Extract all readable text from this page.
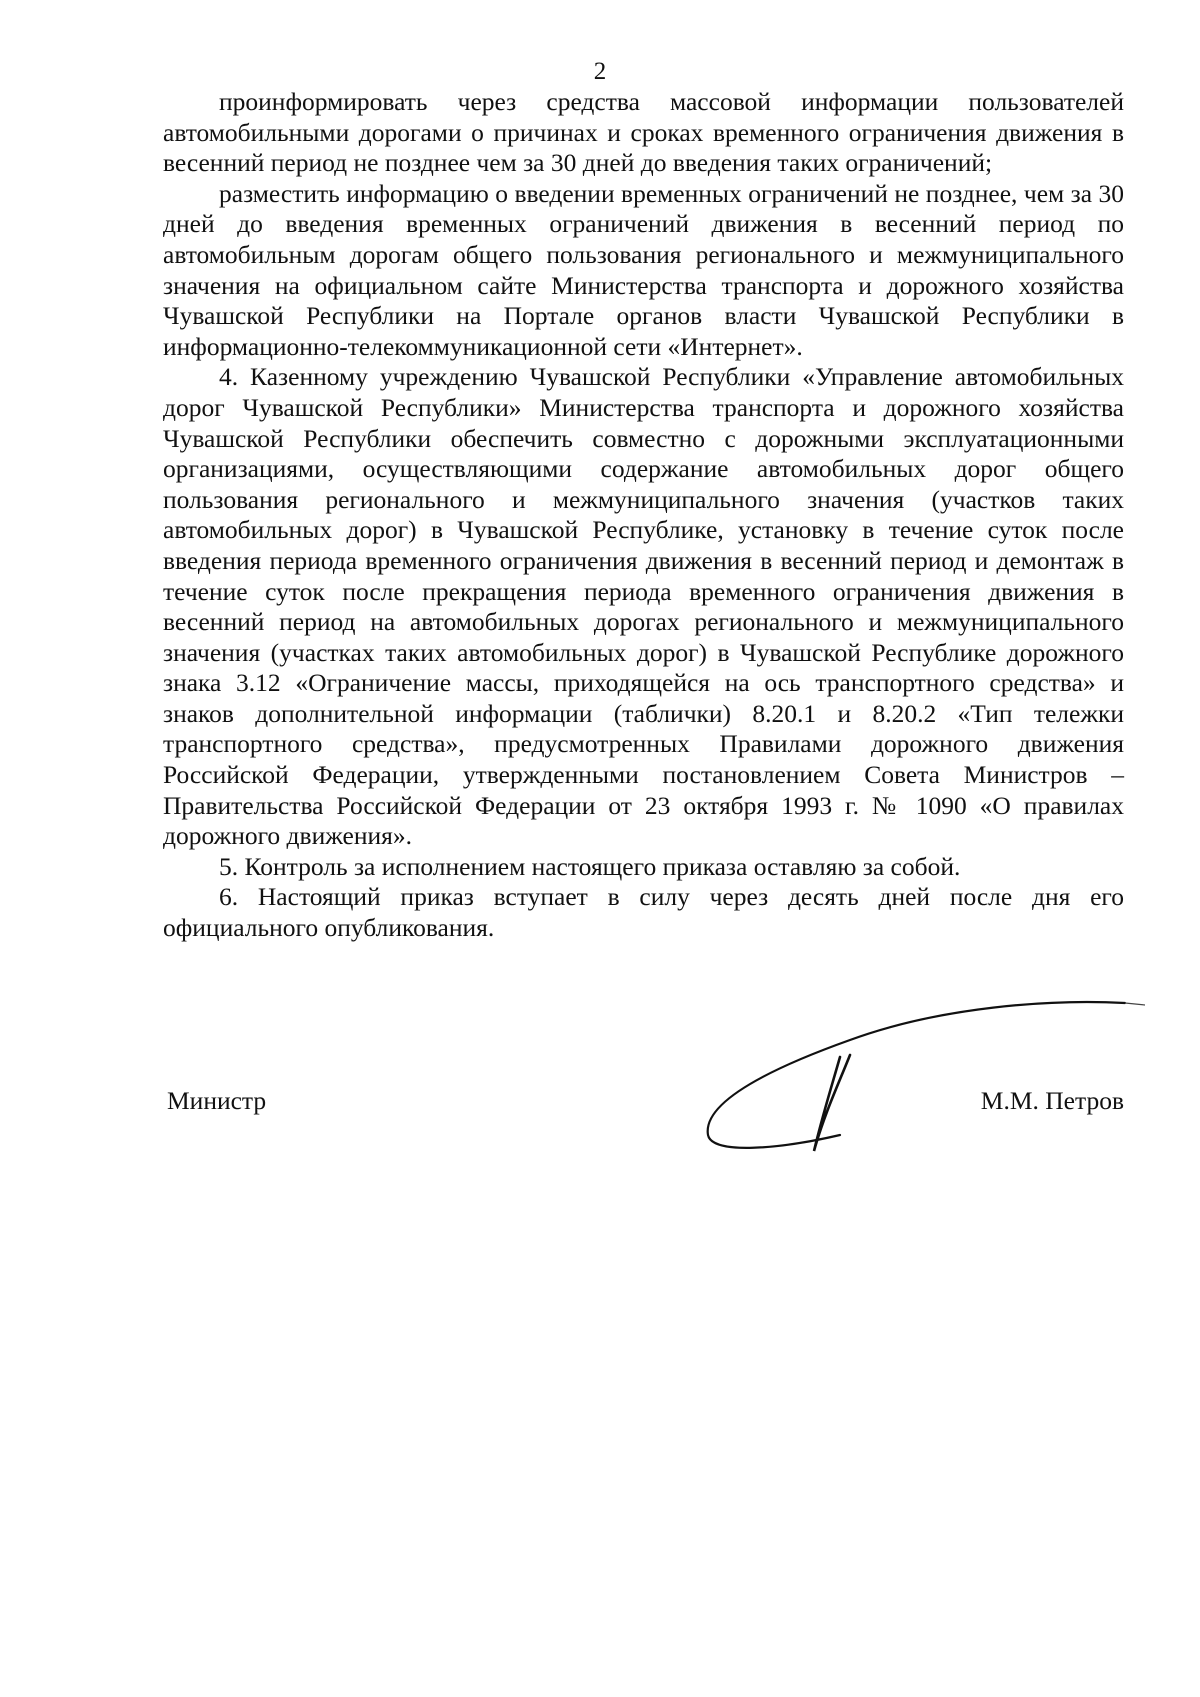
2

проинформировать через средства массовой информации пользователей автомобильными дорогами о причинах и сроках временного ограничения движения в весенний период не позднее чем за 30 дней до введения таких ограничений;

разместить информацию о введении временных ограничений не позднее, чем за 30 дней до введения временных ограничений движения в весенний период по автомобильным дорогам общего пользования регионального и межмуниципального значения на официальном сайте Министерства транспорта и дорожного хозяйства Чувашской Республики на Портале органов власти Чувашской Республики в информационно-телекоммуникационной сети «Интернет».

4. Казенному учреждению Чувашской Республики «Управление автомобильных дорог Чувашской Республики» Министерства транспорта и дорожного хозяйства Чувашской Республики обеспечить совместно с дорожными эксплуатационными организациями, осуществляющими содержание автомобильных дорог общего пользования регионального и межмуниципального значения (участков таких автомобильных дорог) в Чувашской Республике, установку в течение суток после введения периода временного ограничения движения в весенний период и демонтаж в течение суток после прекращения периода временного ограничения движения в весенний период на автомобильных дорогах регионального и межмуниципального значения (участках таких автомобильных дорог) в Чувашской Республике дорожного знака 3.12 «Ограничение массы, приходящейся на ось транспортного средства» и знаков дополнительной информации (таблички) 8.20.1 и 8.20.2 «Тип тележки транспортного средства», предусмотренных Правилами дорожного движения Российской Федерации, утвержденными постановлением Совета Министров – Правительства Российской Федерации от 23 октября 1993 г. № 1090 «О правилах дорожного движения».

5. Контроль за исполнением настоящего приказа оставляю за собой.

6. Настоящий приказ вступает в силу через десять дней после дня его официального опубликования.

Министр	М.М. Петров
